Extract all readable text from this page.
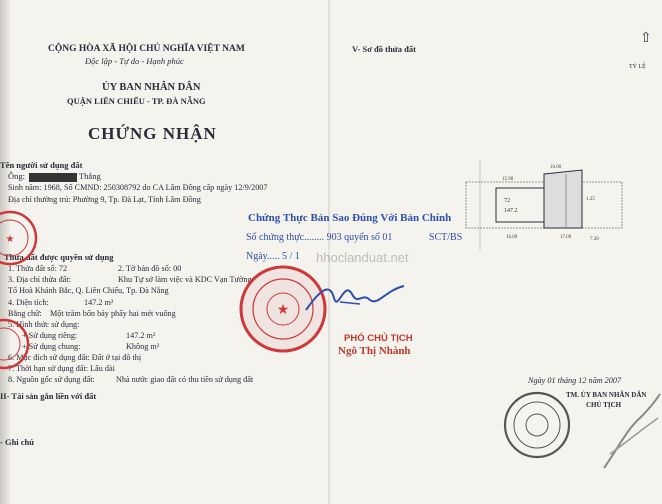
CỘNG HÒA XÃ HỘI CHỦ NGHĨA VIỆT NAM
Độc lập - Tự do - Hạnh phúc
ỦY BAN NHÂN DÂN
QUẬN LIÊN CHIỂU - TP. ĐÀ NẴNG
CHỨNG NHẬN
Tên người sử dụng đất
Ông:	Thắng
Sinh năm: 1968, Số CMND: 250308792 do CA Lâm Đồng cấp ngày 12/9/2007
Địa chỉ thường trú: Phường 9, Tp. Đà Lạt, Tỉnh Lâm Đồng
Thửa đất được quyền sử dụng
1. Thửa đất số: 72	2. Tờ bản đồ số: 00
3. Địa chỉ thửa đất:	Khu Tự sở làm việc và KDC Vạn Tường
Tổ Hoà Khánh Bắc, Q. Liên Chiểu, Tp. Đà Nẵng
4. Diện tích:	147.2 m²
Bằng chữ: Một trăm bốn bảy phẩy hai mét vuông
5. Hình thức sử dụng:
+ Sử dụng riêng:	147.2 m²
+ Sử dụng chung:	Không m²
6. Mục đích sử dụng đất: Đất ở tại đô thị
7. Thời hạn sử dụng đất: Lâu dài
8. Nguồn gốc sử dụng đất:	Nhà nước giao đất có thu tiền sử dụng đất
II- Tài sản gắn liền với đất
- Ghi chú
V- Sơ đồ thửa đất
TỶ LỆ
⇧
72
147.2
15.90
16.00
16.00
17.00
1.25
7.20
★
★
Chứng Thực Bản Sao Đúng Với Bản Chính
Số chứng thực........ 903 quyển số 01	SCT/BS
Ngày..... 5 / 1 hhoclanduat.net
PHÓ CHỦ TỊCH
Ngô Thị Nhành
Ngày 01 tháng 12 năm 2007
TM. ỦY BAN NHÂN DÂN
CHỦ TỊCH
